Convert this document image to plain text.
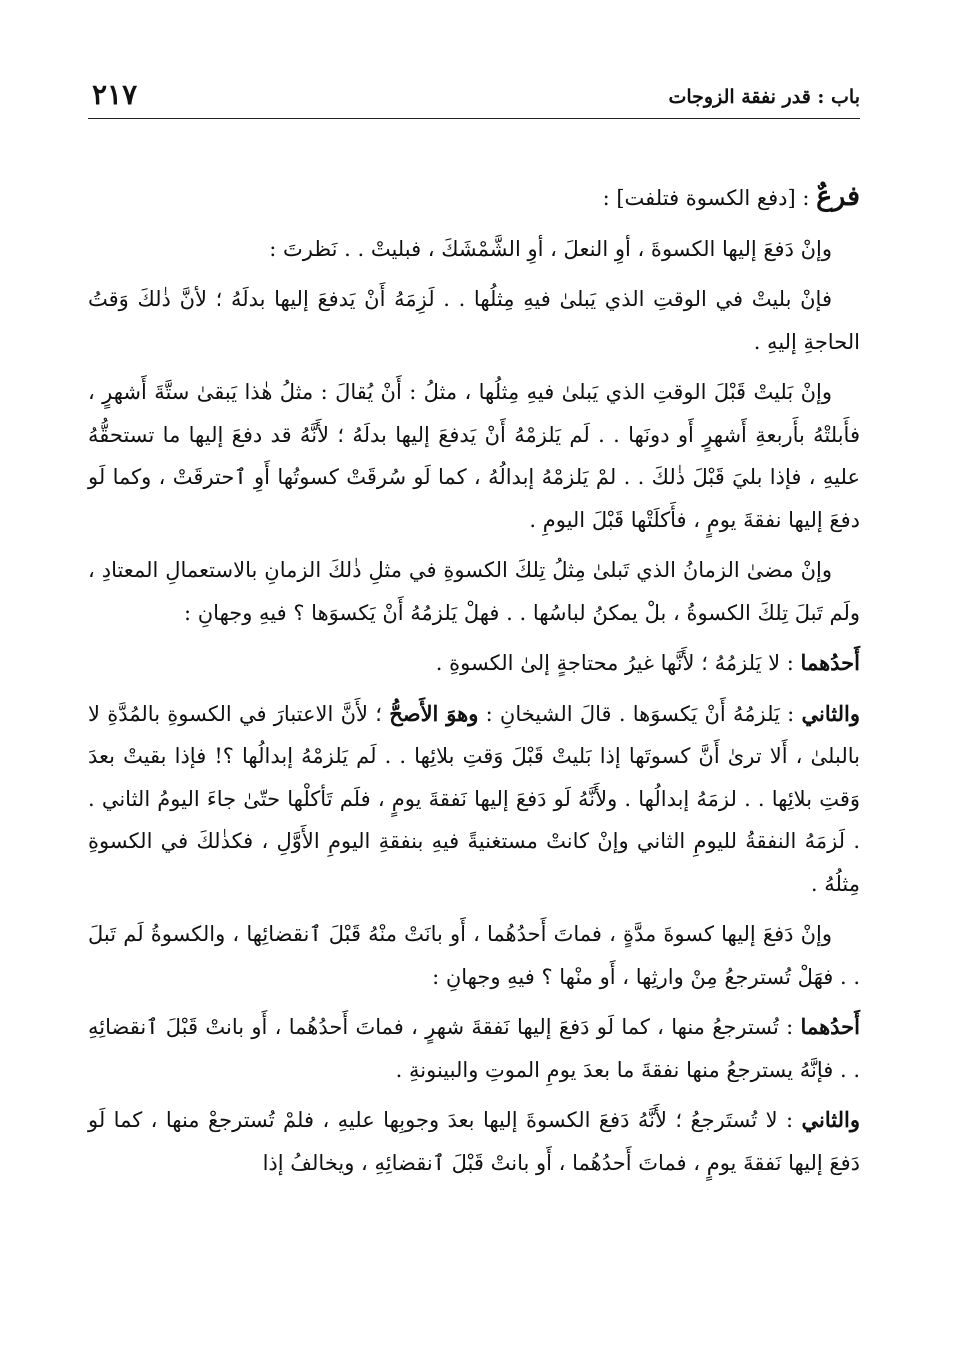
باب : قدر نفقة الزوجات
٢١٧

فرعٌ : [دفع الكسوة فتلفت] :

وإنْ دَفعَ إليها الكسوةَ ، أوِ النعلَ ، أوِ الشَّمْشَكَ ، فبليتْ . . نَظرتَ :

فإنْ بليتْ في الوقتِ الذي يَبلىٰ فيهِ مِثلُها . . لَزِمَهُ أَنْ يَدفعَ إليها بدلَهُ ؛ لأنَّ ذٰلكَ وَقتُ الحاجةِ إليهِ .

وإنْ بَليتْ قَبْلَ الوقتِ الذي يَبلىٰ فيهِ مِثلُها ، مثلُ : أَنْ يُقالَ : مثلُ هٰذا يَبقىٰ ستَّةَ أَشهرٍ ، فأَبلتْهُ بأَربعةِ أَشهرٍ أَو دونَها . . لَم يَلزمْهُ أَنْ يَدفعَ إليها بدلَهُ ؛ لأَنَّهُ قد دفعَ إليها ما تستحقُّهُ عليهِ ، فإذا بليَ قَبْلَ ذٰلكَ . . لمْ يَلزمْهُ إبدالُهُ ، كما لَو سُرقَتْ كسوتُها أَوِ ٱحترقَتْ ، وكما لَو دفعَ إليها نفقةَ يومٍ ، فأَكلَتْها قَبْلَ اليومِ .

وإنْ مضىٰ الزمانُ الذي تَبلىٰ مِثلُ تِلكَ الكسوةِ في مثلِ ذٰلكَ الزمانِ بالاستعمالِ المعتادِ ، ولَم تَبلَ تِلكَ الكسوةُ ، بلْ يمكنُ لباسُها . . فهلْ يَلزمُهُ أَنْ يَكسوَها ؟ فيهِ وجهانِ :

أَحدُهما : لا يَلزمُهُ ؛ لأَنَّها غيرُ محتاجةٍ إلىٰ الكسوةِ .

والثاني : يَلزمُهُ أَنْ يَكسوَها . قالَ الشيخانِ : وهوَ الأَصحُّ ؛ لأَنَّ الاعتبارَ في الكسوةِ بالمُدَّةِ لا بالبلىٰ ، أَلا ترىٰ أَنَّ كسوتَها إذا بَليتْ قَبْلَ وَقتِ بلائِها . . لَم يَلزمْهُ إبدالُها ؟! فإذا بقيتْ بعدَ وَقتِ بلائِها . . لزمَهُ إبدالُها . ولأَنَّهُ لَو دَفعَ إليها نَفقةَ يومٍ ، فلَم تَأكلْها حتّىٰ جاءَ اليومُ الثاني . . لَزمَهُ النفقةُ لليومِ الثاني وإنْ كانتْ مستغنيةً فيهِ بنفقةِ اليومِ الأَوَّلِ ، فكذٰلكَ في الكسوةِ مِثلُهُ .

وإنْ دَفعَ إليها كسوةَ مدَّةٍ ، فماتَ أَحدُهُما ، أَو بانَتْ منْهُ قَبْلَ ٱنقضائِها ، والكسوةُ لَم تَبلَ . . فهَلْ تُسترجعُ مِنْ وارثِها ، أَو منْها ؟ فيهِ وجهانِ :

أَحدُهما : تُسترجعُ منها ، كما لَو دَفعَ إليها نَفقةَ شهرٍ ، فماتَ أَحدُهُما ، أَو بانتْ قَبْلَ ٱنقضائِهِ . . فإنَّهُ يسترجعُ منها نفقةَ ما بعدَ يومِ الموتِ والبينونةِ .

والثاني : لا تُستَرجعُ ؛ لأَنَّهُ دَفعَ الكسوةَ إليها بعدَ وجوبِها عليهِ ، فلمْ تُسترجعْ منها ، كما لَو دَفعَ إليها نَفقةَ يومٍ ، فماتَ أَحدُهُما ، أَو بانتْ قَبْلَ ٱنقضائِهِ ، ويخالفُ إذا
